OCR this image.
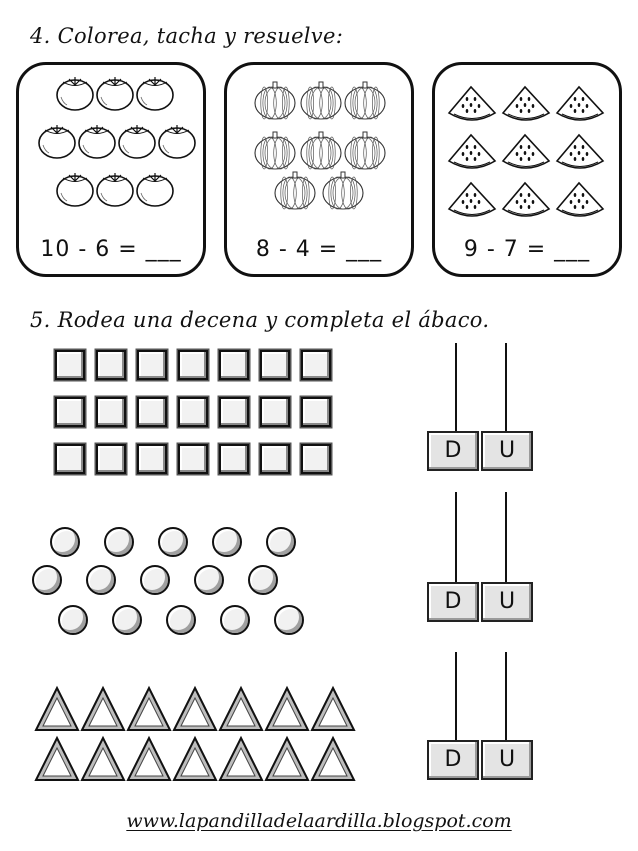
4. Colorea, tacha y resuelve:
10 - 6 = ___	8 - 4 = ___	9 - 7 = ___
5. Rodea una decena y completa el ábaco.
D	U
D	U
D	U
www.lapandilladelaardilla.blogspot.com
